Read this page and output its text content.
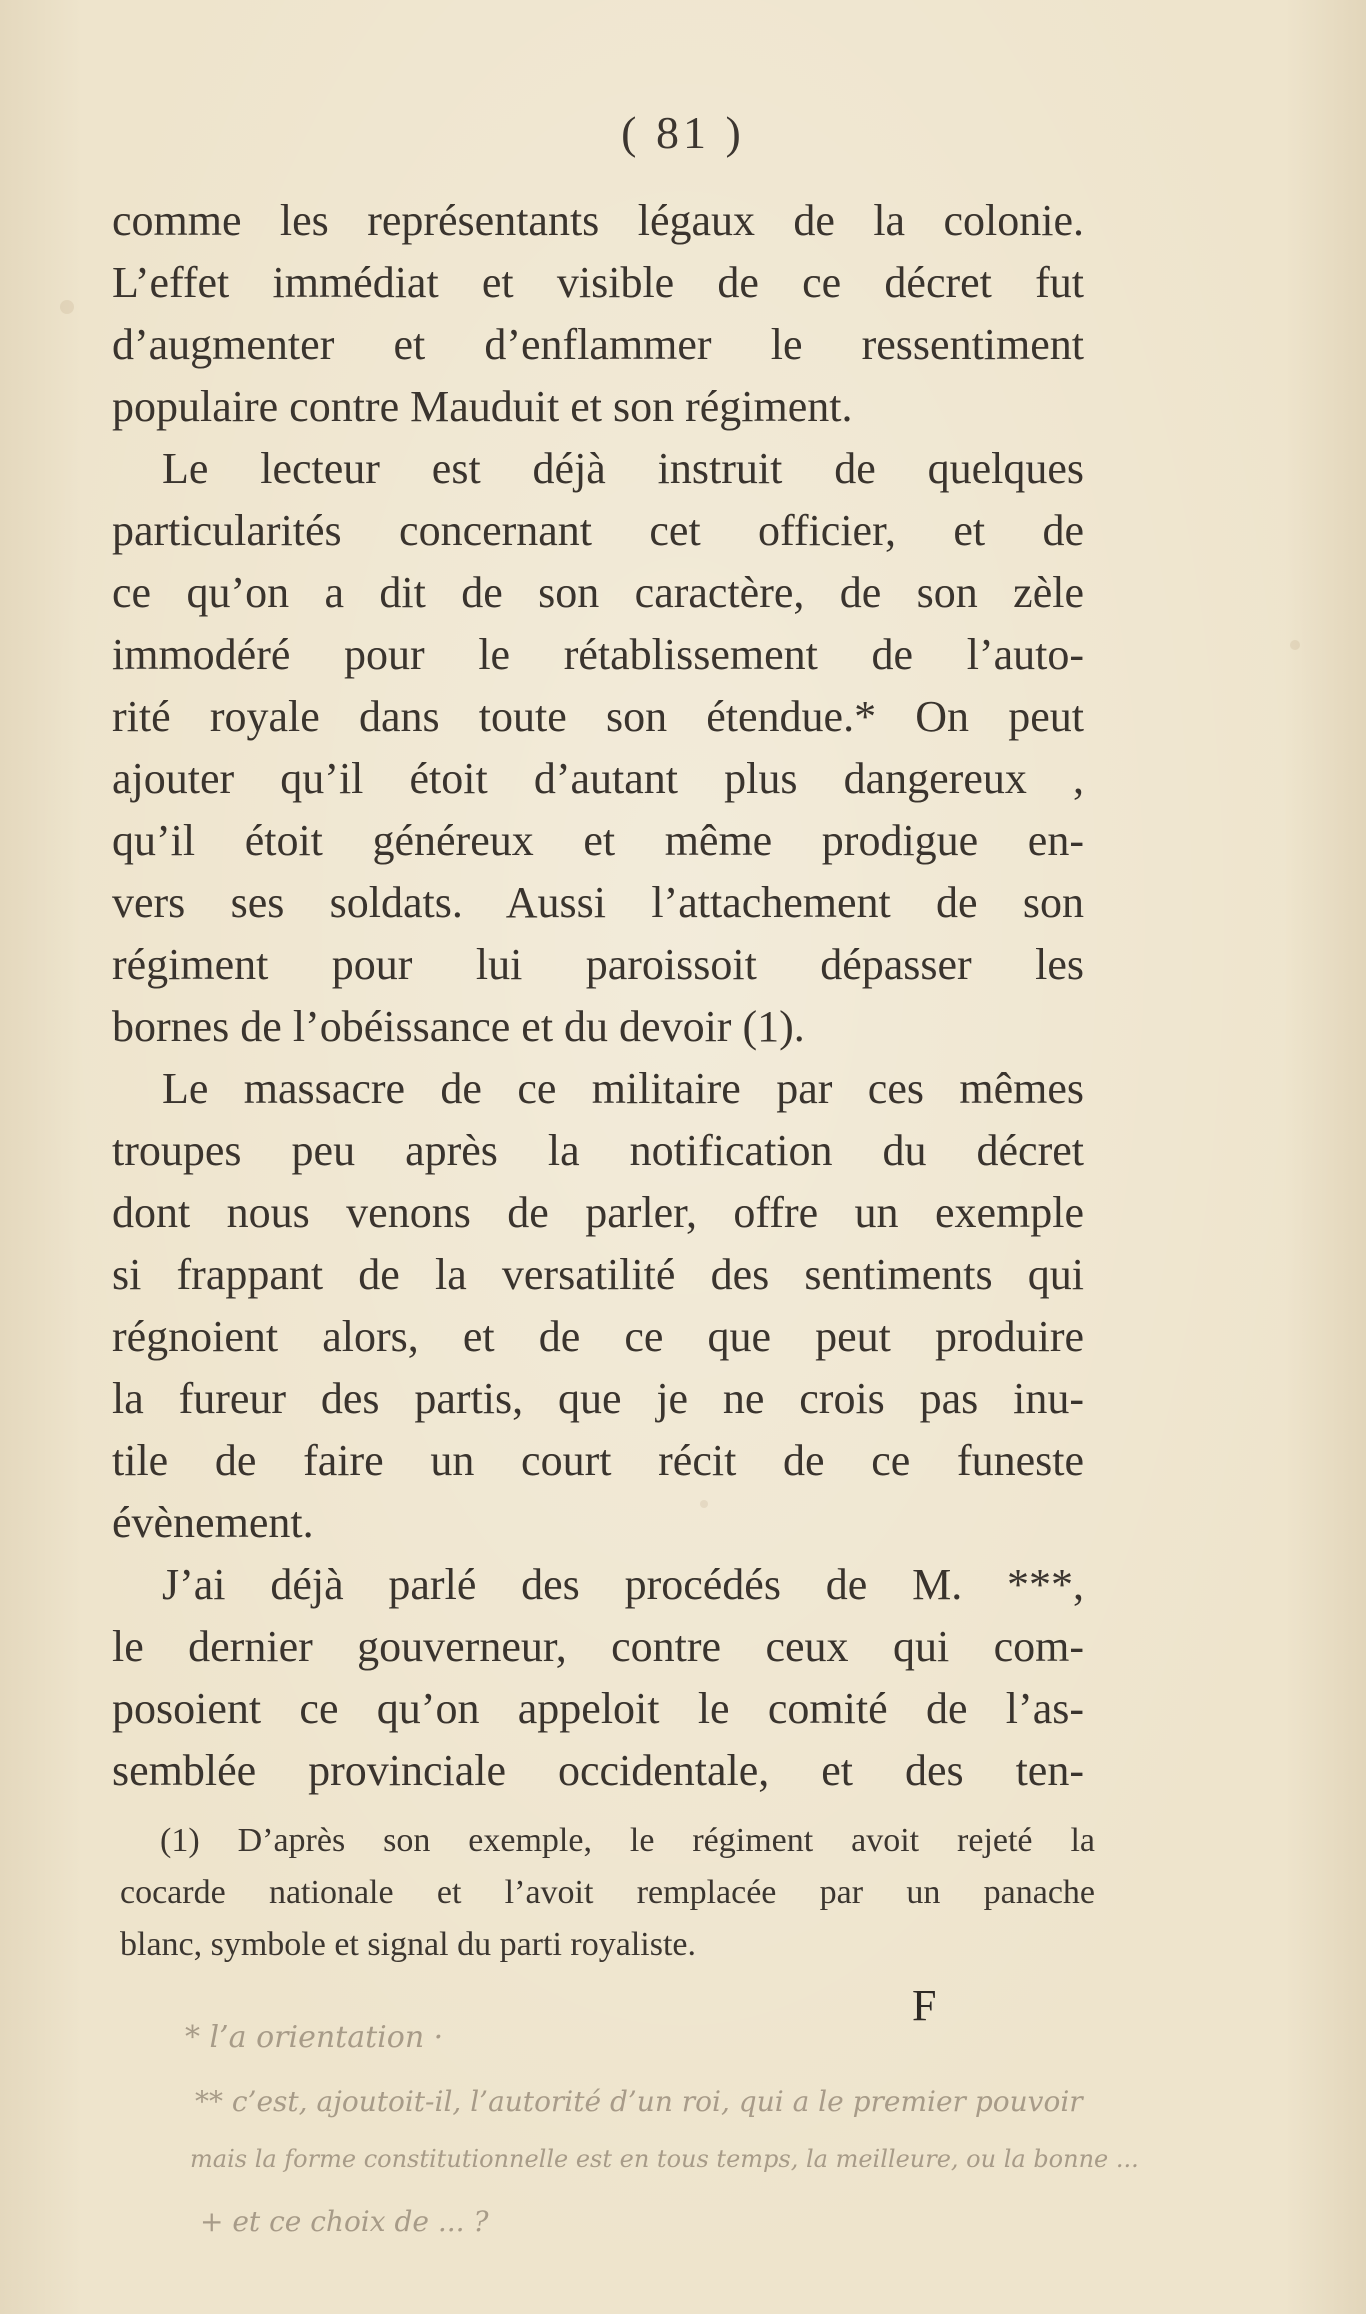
( 81 )
comme les représentants légaux de la colonie.
L’effet immédiat et visible de ce décret fut
d’augmenter et d’enflammer le ressentiment
populaire contre Mauduit et son régiment.
Le lecteur est déjà instruit de quelques
particularités concernant cet officier, et de
ce qu’on a dit de son caractère, de son zèle
immodéré pour le rétablissement de l’auto-
rité royale dans toute son étendue.* On peut
ajouter qu’il étoit d’autant plus dangereux ,
qu’il étoit généreux et même prodigue en-
vers ses soldats. Aussi l’attachement de son
régiment pour lui paroissoit dépasser les
bornes de l’obéissance et du devoir (1).
Le massacre de ce militaire par ces mêmes
troupes peu après la notification du décret
dont nous venons de parler, offre un exemple
si frappant de la versatilité des sentiments qui
régnoient alors, et de ce que peut produire
la fureur des partis, que je ne crois pas inu-
tile de faire un court récit de ce funeste
évènement.
J’ai déjà parlé des procédés de M. ***,
le dernier gouverneur, contre ceux qui com-
posoient ce qu’on appeloit le comité de l’as-
semblée provinciale occidentale, et des ten-
(1) D’après son exemple, le régiment avoit rejeté la
cocarde nationale et l’avoit remplacée par un panache
blanc, symbole et signal du parti royaliste.
F
* l’a orientation ·
** c’est, ajoutoit-il, l’autorité d’un roi, qui a le premier pouvoir
mais la forme constitutionnelle est en tous temps, la meilleure, ou la bonne ...
+ et ce choix de ... ?
